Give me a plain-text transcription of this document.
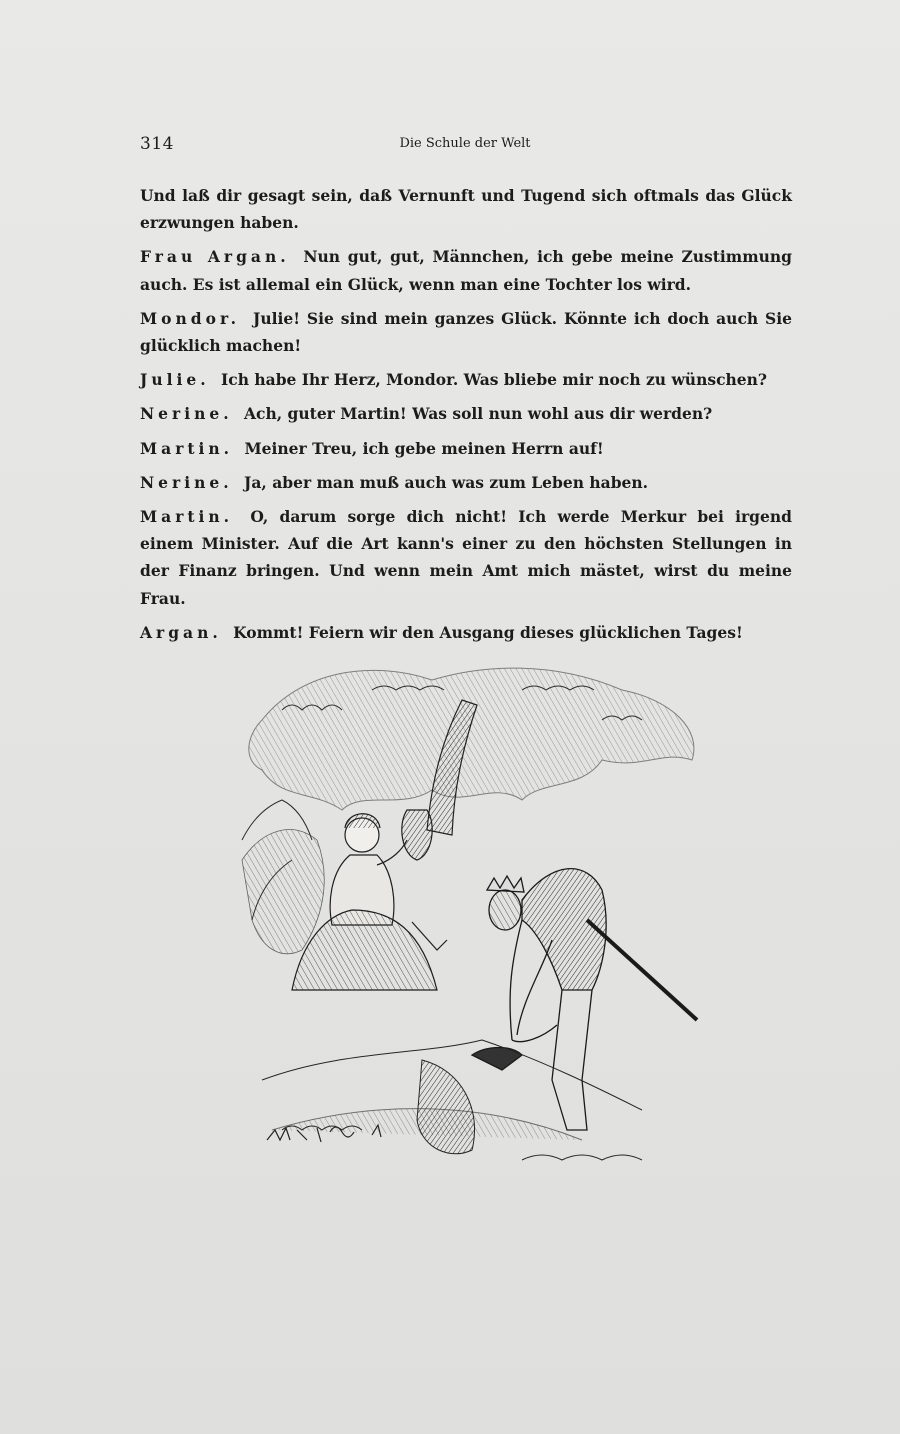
314	Die Schule der Welt

Und laß dir gesagt sein, daß Vernunft und Tugend sich oftmals das Glück erzwungen haben.

Frau Argan. Nun gut, gut, Männchen, ich gebe meine Zustimmung auch. Es ist allemal ein Glück, wenn man eine Tochter los wird.

Mondor. Julie! Sie sind mein ganzes Glück. Könnte ich doch auch Sie glücklich machen!

Julie. Ich habe Ihr Herz, Mondor. Was bliebe mir noch zu wünschen?

Nerine. Ach, guter Martin! Was soll nun wohl aus dir werden?

Martin. Meiner Treu, ich gebe meinen Herrn auf!

Nerine. Ja, aber man muß auch was zum Leben haben.

Martin. O, darum sorge dich nicht! Ich werde Merkur bei irgend einem Minister. Auf die Art kann's einer zu den höchsten Stellungen in der Finanz bringen. Und wenn mein Amt mich mästet, wirst du meine Frau.

Argan. Kommt! Feiern wir den Ausgang dieses glücklichen Tages!
